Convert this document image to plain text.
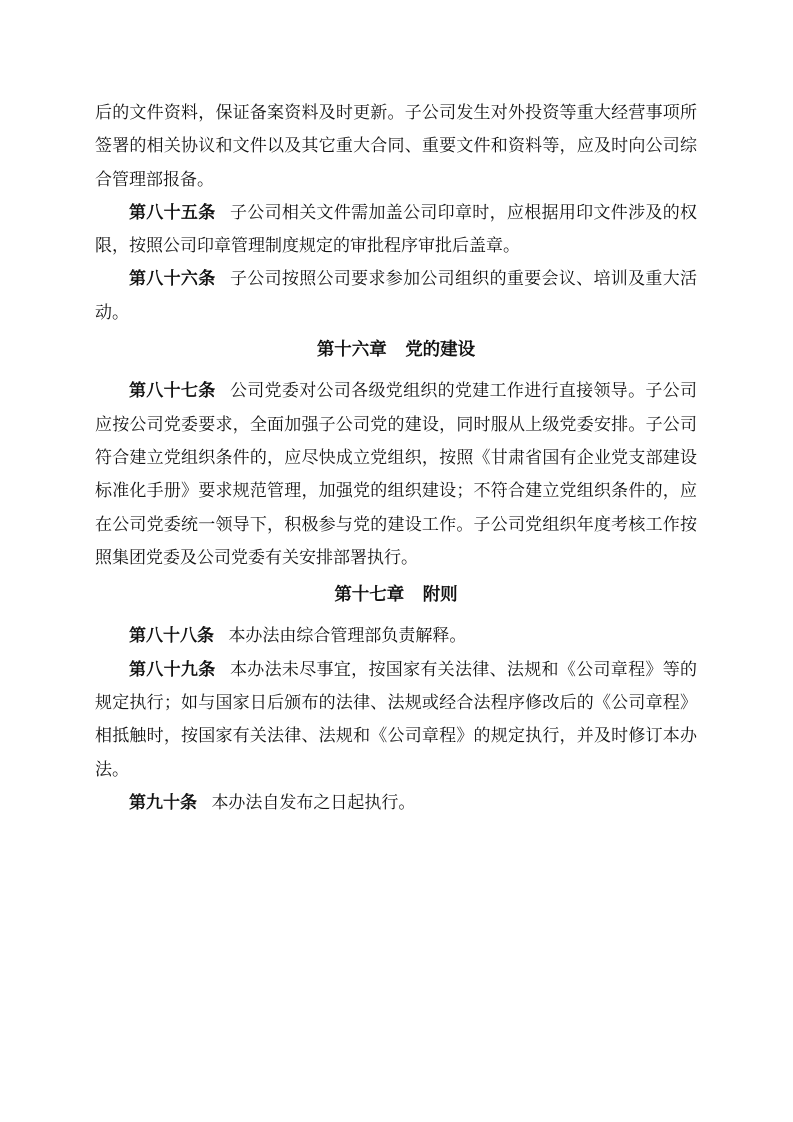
后的文件资料，保证备案资料及时更新。子公司发生对外投资等重大经营事项所签署的相关协议和文件以及其它重大合同、重要文件和资料等，应及时向公司综合管理部报备。

第八十五条 子公司相关文件需加盖公司印章时，应根据用印文件涉及的权限，按照公司印章管理制度规定的审批程序审批后盖章。

第八十六条 子公司按照公司要求参加公司组织的重要会议、培训及重大活动。

第十六章 党的建设

第八十七条 公司党委对公司各级党组织的党建工作进行直接领导。子公司应按公司党委要求，全面加强子公司党的建设，同时服从上级党委安排。子公司符合建立党组织条件的，应尽快成立党组织，按照《甘肃省国有企业党支部建设标准化手册》要求规范管理，加强党的组织建设；不符合建立党组织条件的，应在公司党委统一领导下，积极参与党的建设工作。子公司党组织年度考核工作按照集团党委及公司党委有关安排部署执行。

第十七章 附则

第八十八条 本办法由综合管理部负责解释。

第八十九条 本办法未尽事宜，按国家有关法律、法规和《公司章程》等的规定执行；如与国家日后颁布的法律、法规或经合法程序修改后的《公司章程》相抵触时，按国家有关法律、法规和《公司章程》的规定执行，并及时修订本办法。

第九十条 本办法自发布之日起执行。
